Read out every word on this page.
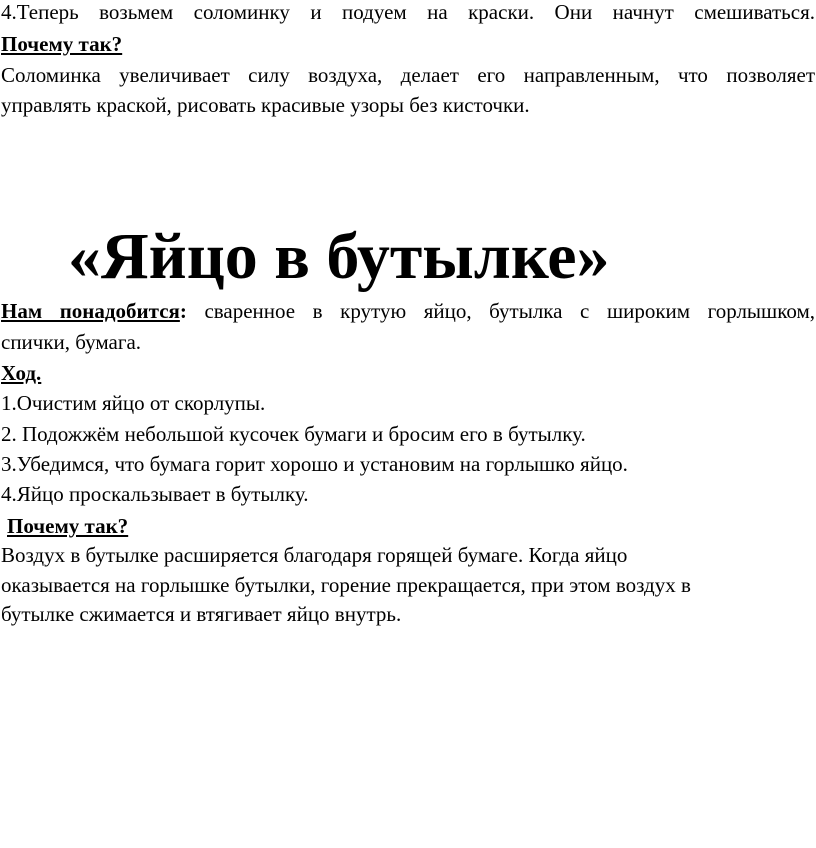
4.Теперь возьмем соломинку и подуем на краски. Они начнут смешиваться.
Почему так?
Соломинка увеличивает силу воздуха, делает его направленным, что позволяет
управлять краской, рисовать красивые узоры без кисточки.
«Яйцо в бутылке»
Нам понадобится: сваренное в крутую яйцо, бутылка с широким горлышком,
спички, бумага.
Ход.
1.Очистим яйцо от скорлупы.
2. Подожжём небольшой кусочек бумаги и бросим его в бутылку.
3.Убедимся, что бумага горит хорошо и установим на горлышко яйцо.
4.Яйцо проскальзывает в бутылку.
Почему так?
Воздух в бутылке расширяется благодаря горящей бумаге. Когда яйцо
оказывается на горлышке бутылки, горение прекращается, при этом воздух в
бутылке сжимается и втягивает яйцо внутрь.
